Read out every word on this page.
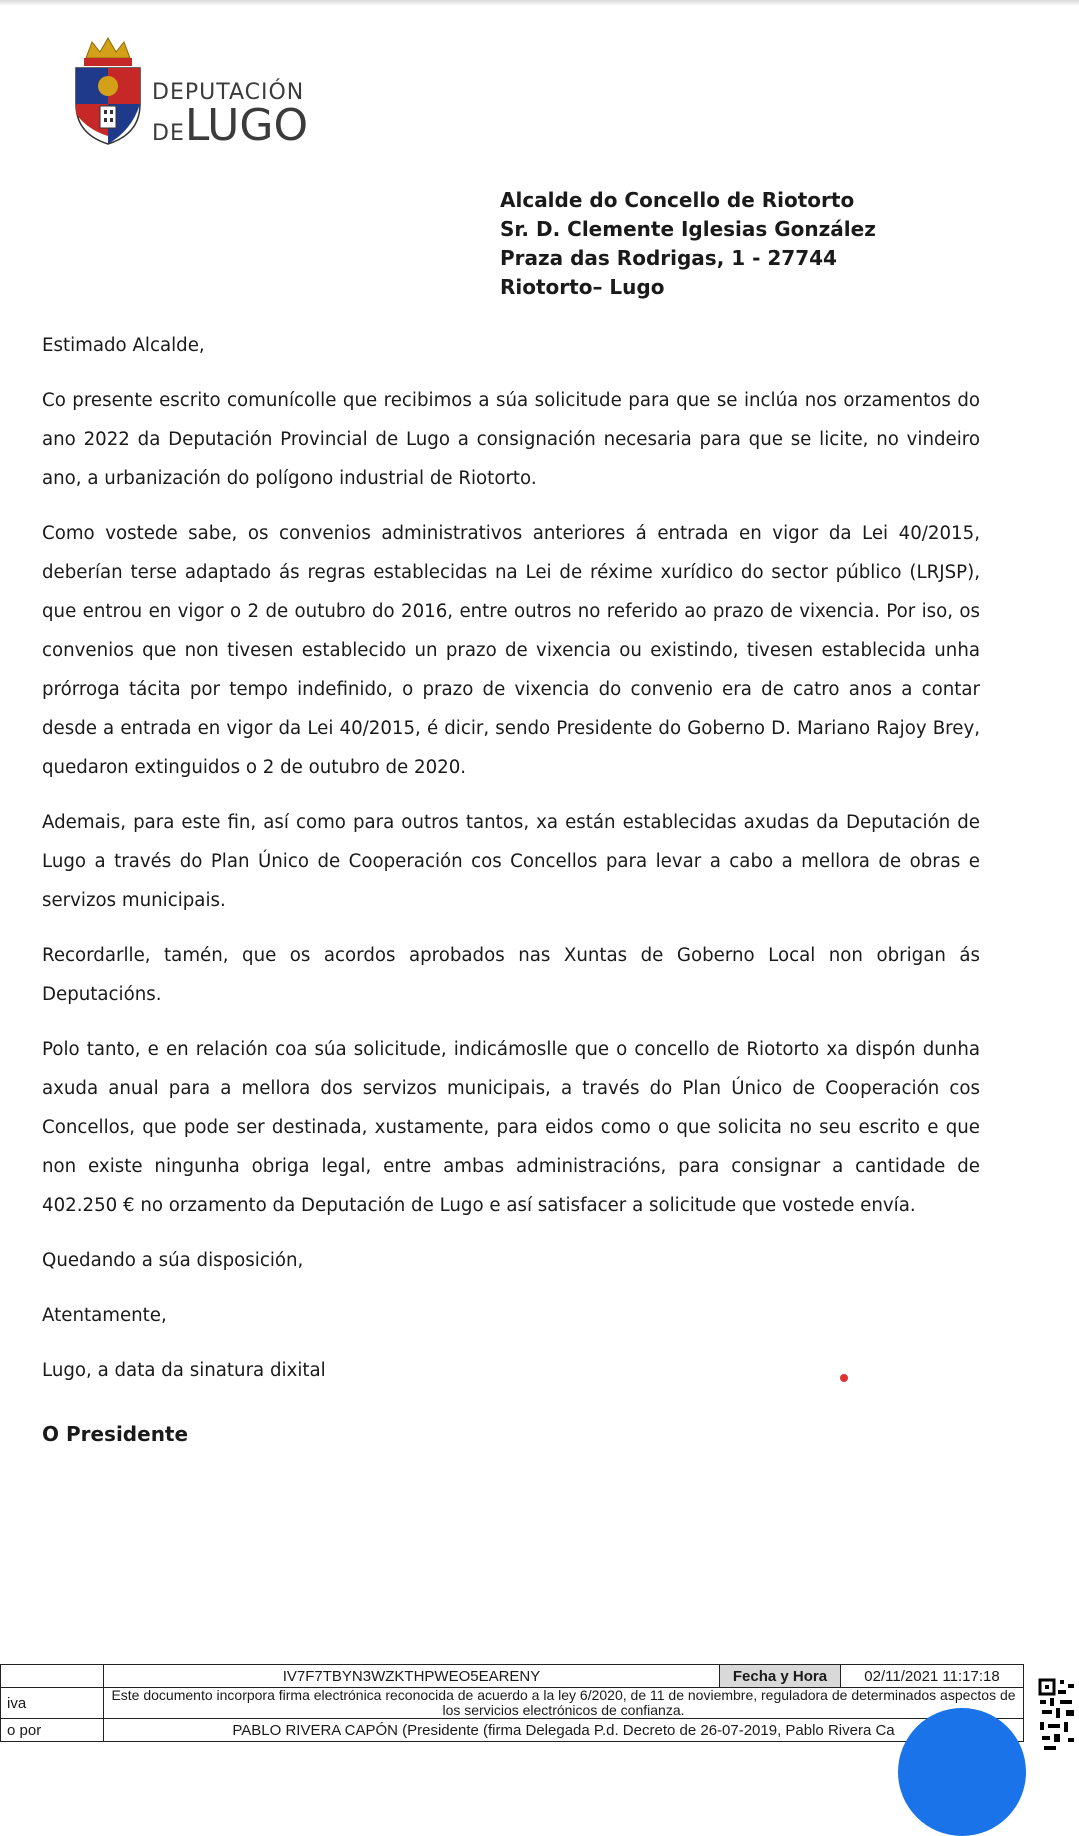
DEPUTACIÓN
DELUGO
Alcalde do Concello de Riotorto
Sr. D. Clemente Iglesias González
Praza das Rodrigas, 1 - 27744
Riotorto– Lugo

Estimado Alcalde,

Co presente escrito comunícolle que recibimos a súa solicitude para que se inclúa nos orzamentos do ano 2022 da Deputación Provincial de Lugo a consignación necesaria para que se licite, no vindeiro ano, a urbanización do polígono industrial de Riotorto.

Como vostede sabe, os convenios administrativos anteriores á entrada en vigor da Lei 40/2015, deberían terse adaptado ás regras establecidas na Lei de réxime xurídico do sector público (LRJSP), que entrou en vigor o 2 de outubro do 2016, entre outros no referido ao prazo de vixencia. Por iso, os convenios que non tivesen establecido un prazo de vixencia ou existindo, tivesen establecida unha prórroga tácita por tempo indefinido, o prazo de vixencia do convenio era de catro anos a contar desde a entrada en vigor da Lei 40/2015, é dicir, sendo Presidente do Goberno D. Mariano Rajoy Brey, quedaron extinguidos o 2 de outubro de 2020.

Ademais, para este fin, así como para outros tantos, xa están establecidas axudas da Deputación de Lugo a través do Plan Único de Cooperación cos Concellos para levar a cabo a mellora de obras e servizos municipais.

Recordarlle, tamén, que os acordos aprobados nas Xuntas de Goberno Local non obrigan ás Deputacións.

Polo tanto, e en relación coa súa solicitude, indicámoslle que o concello de Riotorto xa dispón dunha axuda anual para a mellora dos servizos municipais, a través do Plan Único de Cooperación cos Concellos, que pode ser destinada, xustamente, para eidos como o que solicita no seu escrito e que non existe ningunha obriga legal, entre ambas administracións, para consignar a cantidade de 402.250 € no orzamento da Deputación de Lugo e así satisfacer a solicitude que vostede envía.

Quedando a súa disposición,

Atentamente,

Lugo, a data da sinatura dixital

O Presidente
	IV7F7TBYN3WZKTHPWEO5EARENY	Fecha y Hora	02/11/2021 11:17:18
iva	Este documento incorpora firma electrónica reconocida de acuerdo a la ley 6/2020, de 11 de noviembre, reguladora de determinados aspectos de los servicios electrónicos de confianza.		
o por	PABLO RIVERA CAPÓN (Presidente (firma Delegada P.d. Decreto de 26-07-2019, Pablo Rivera Ca		
